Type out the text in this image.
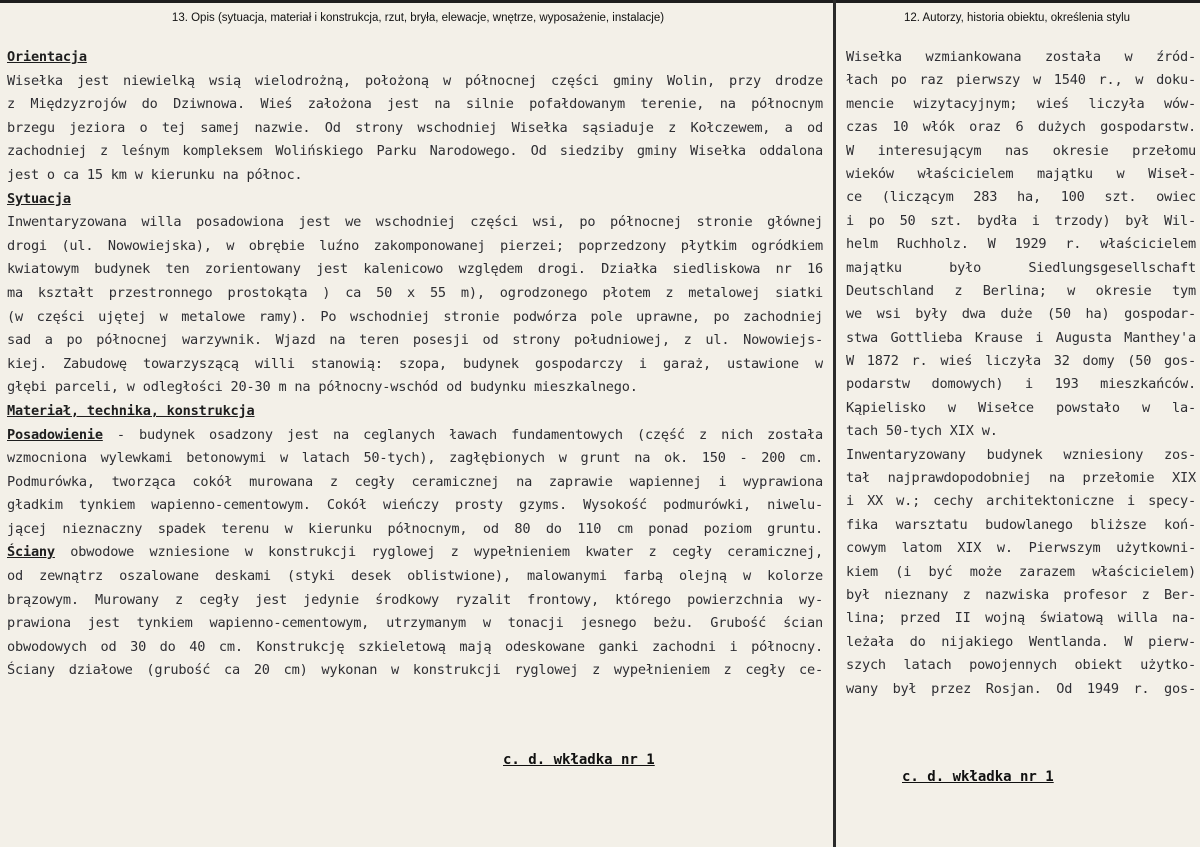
13. Opis (sytuacja, materiał i konstrukcja, rzut, bryła, elewacje, wnętrze, wyposażenie, instalacje)	12. Autorzy, historia obiektu, określenia stylu
Orientacja
Wisełka jest niewielką wsią wielodrożną, położoną w północnej części gminy Wolin, przy drodze
z Międzyzrojów do Dziwnowa. Wieś założona jest na silnie pofałdowanym terenie, na północnym
brzegu jeziora o tej samej nazwie. Od strony wschodniej Wisełka sąsiaduje z Kołczewem, a od
zachodniej z leśnym kompleksem Wolińskiego Parku Narodowego. Od siedziby gminy Wisełka oddalona
jest o ca 15 km w kierunku na północ.
Sytuacja
Inwentaryzowana willa posadowiona jest we wschodniej części wsi, po północnej stronie głównej
drogi (ul. Nowowiejska), w obrębie luźno zakomponowanej pierzei; poprzedzony płytkim ogródkiem
kwiatowym budynek ten zorientowany jest kalenicowo względem drogi. Działka siedliskowa nr 16
ma kształt przestronnego prostokąta ) ca 50 x 55 m), ogrodzonego płotem z metalowej siatki
(w części ujętej w metalowe ramy). Po wschodniej stronie podwórza pole uprawne, po zachodniej
sad a po północnej warzywnik. Wjazd na teren posesji od strony południowej, z ul. Nowowiejs-
kiej. Zabudowę towarzyszącą willi stanowią: szopa, budynek gospodarczy i garaż, ustawione w
głębi parceli, w odległości 20-30 m na północny-wschód od budynku mieszkalnego.
Materiał, technika, konstrukcja
Posadowienie - budynek osadzony jest na ceglanych ławach fundamentowych (część z nich została
wzmocniona wylewkami betonowymi w latach 50-tych), zagłębionych w grunt na ok. 150 - 200 cm.
Podmurówka, tworząca cokół murowana z cegły ceramicznej na zaprawie wapiennej i wyprawiona
gładkim tynkiem wapienno-cementowym. Cokół wieńczy prosty gzyms. Wysokość podmurówki, niwelu-
jącej nieznaczny spadek terenu w kierunku północnym, od 80 do 110 cm ponad poziom gruntu.
Ściany obwodowe wzniesione w konstrukcji ryglowej z wypełnieniem kwater z cegły ceramicznej,
od zewnątrz oszalowane deskami (styki desek oblistwione), malowanymi farbą olejną w kolorze
brązowym. Murowany z cegły jest jedynie środkowy ryzalit frontowy, którego powierzchnia wy-
prawiona jest tynkiem wapienno-cementowym, utrzymanym w tonacji jesnego beżu. Grubość ścian
obwodowych od 30 do 40 cm. Konstrukcję szkieletową mają odeskowane ganki zachodni i północny.
Ściany działowe (grubość ca 20 cm) wykonan w konstrukcji ryglowej z wypełnieniem z cegły ce-
c. d. wkładka nr 1
Wisełka wzmiankowana została w źród-
łach po raz pierwszy w 1540 r., w doku-
mencie wizytacyjnym; wieś liczyła wów-
czas 10 włók oraz 6 dużych gospodarstw.
W interesującym nas okresie przełomu
wieków właścicielem majątku w Wiseł-
ce (liczącym 283 ha, 100 szt. owiec
i po 50 szt. bydła i trzody) był Wil-
helm Ruchholz. W 1929 r. właścicielem
majątku było Siedlungsgesellschaft
Deutschland z Berlina; w okresie tym
we wsi były dwa duże (50 ha) gospodar-
stwa Gottlieba Krause i Augusta Manthey'a
W 1872 r. wieś liczyła 32 domy (50 gos-
podarstw domowych) i 193 mieszkańców.
Kąpielisko w Wisełce powstało w la-
tach 50-tych XIX w.
Inwentaryzowany budynek wzniesiony zos-
tał najprawdopodobniej na przełomie XIX
i XX w.; cechy architektoniczne i specy-
fika warsztatu budowlanego bliższe koń-
cowym latom XIX w. Pierwszym użytkowni-
kiem (i być może zarazem właścicielem)
był nieznany z nazwiska profesor z Ber-
lina; przed II wojną światową willa na-
leżała do nijakiego Wentlanda. W pierw-
szych latach powojennych obiekt użytko-
wany był przez Rosjan. Od 1949 r. gos-
c. d. wkładka nr 1
